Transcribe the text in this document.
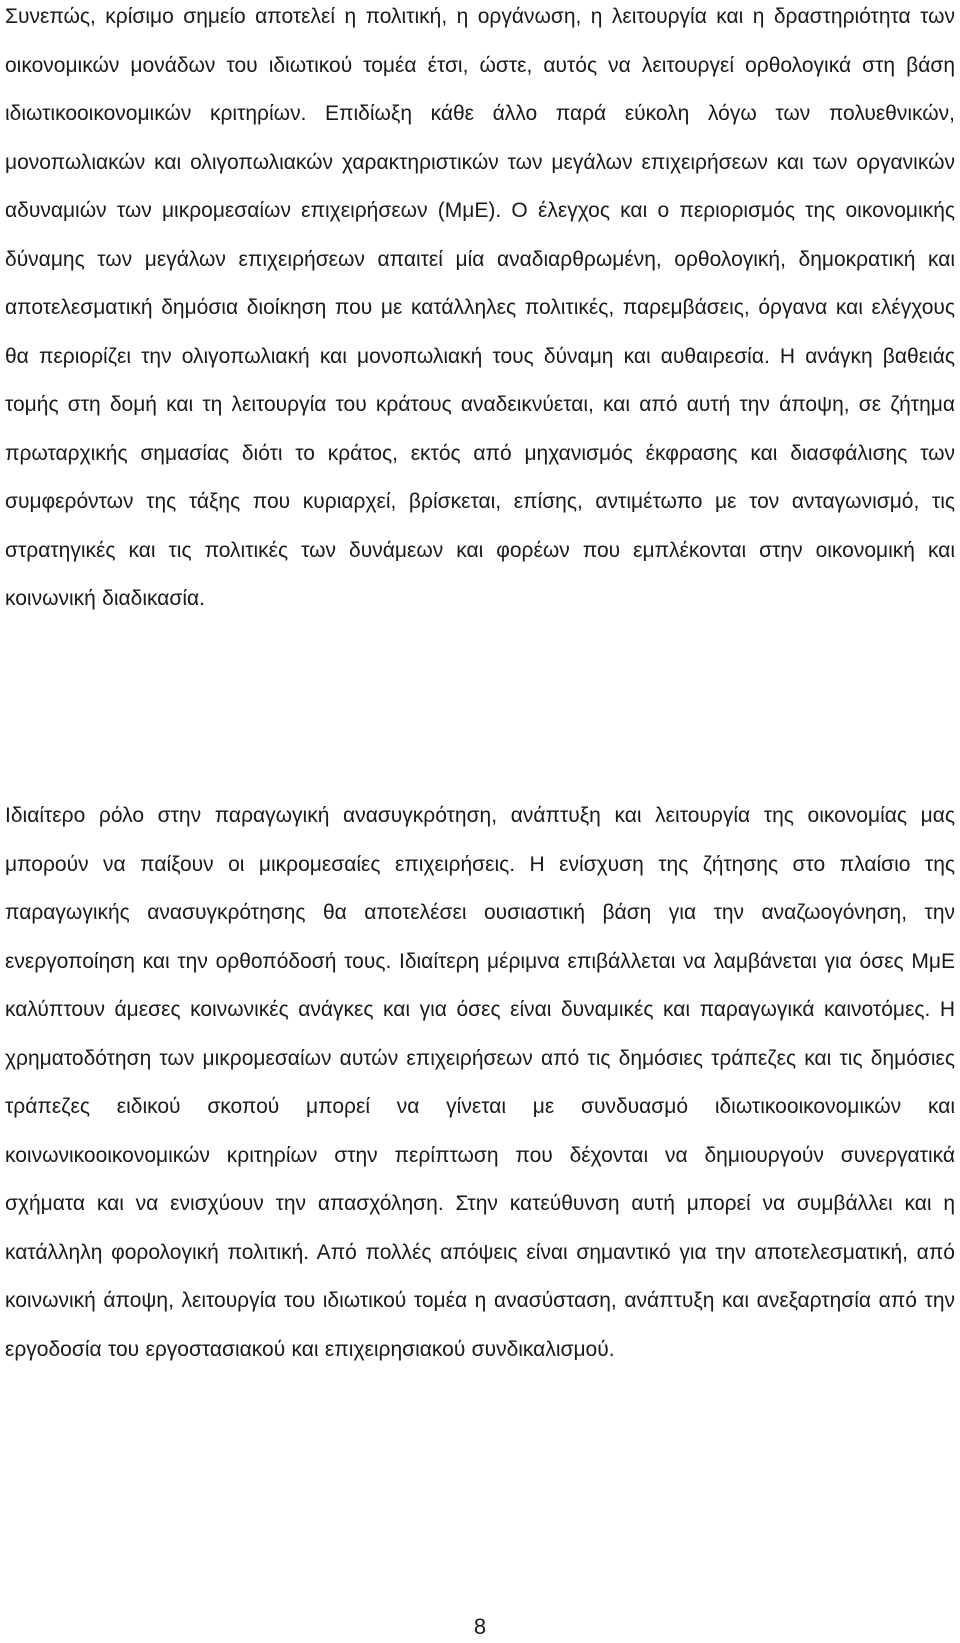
Συνεπώς, κρίσιμο σημείο αποτελεί η πολιτική, η οργάνωση, η λειτουργία και η δραστηριότητα των οικονομικών μονάδων του ιδιωτικού τομέα έτσι, ώστε, αυτός να λειτουργεί ορθολογικά στη βάση ιδιωτικοοικονομικών κριτηρίων. Επιδίωξη κάθε άλλο παρά εύκολη λόγω των πολυεθνικών, μονοπωλιακών και ολιγοπωλιακών χαρακτηριστικών των μεγάλων επιχειρήσεων και των οργανικών αδυναμιών των μικρομεσαίων επιχειρήσεων (ΜμΕ). Ο έλεγχος και ο περιορισμός της οικονομικής δύναμης των μεγάλων επιχειρήσεων απαιτεί μία αναδιαρθρωμένη, ορθολογική, δημοκρατική και αποτελεσματική δημόσια διοίκηση που με κατάλληλες πολιτικές, παρεμβάσεις, όργανα και ελέγχους θα περιορίζει την ολιγοπωλιακή και μονοπωλιακή τους δύναμη και αυθαιρεσία. Η ανάγκη βαθειάς τομής στη δομή και τη λειτουργία του κράτους αναδεικνύεται, και από αυτή την άποψη, σε ζήτημα πρωταρχικής σημασίας διότι το κράτος, εκτός από μηχανισμός έκφρασης και διασφάλισης των συμφερόντων της τάξης που κυριαρχεί, βρίσκεται, επίσης, αντιμέτωπο με τον ανταγωνισμό, τις στρατηγικές και τις πολιτικές των δυνάμεων και φορέων που εμπλέκονται στην οικονομική και κοινωνική διαδικασία.

Ιδιαίτερο ρόλο στην παραγωγική ανασυγκρότηση, ανάπτυξη και λειτουργία της οικονομίας μας μπορούν να παίξουν οι μικρομεσαίες επιχειρήσεις. Η ενίσχυση της ζήτησης στο πλαίσιο της παραγωγικής ανασυγκρότησης θα αποτελέσει ουσιαστική βάση για την αναζωογόνηση, την ενεργοποίηση και την ορθοπόδοσή τους. Ιδιαίτερη μέριμνα επιβάλλεται να λαμβάνεται για όσες ΜμΕ καλύπτουν άμεσες κοινωνικές ανάγκες και για όσες είναι δυναμικές και παραγωγικά καινοτόμες. Η χρηματοδότηση των μικρομεσαίων αυτών επιχειρήσεων από τις δημόσιες τράπεζες και τις δημόσιες τράπεζες ειδικού σκοπού μπορεί να γίνεται με συνδυασμό ιδιωτικοοικονομικών και κοινωνικοοικονομικών κριτηρίων στην περίπτωση που δέχονται να δημιουργούν συνεργατικά σχήματα και να ενισχύουν την απασχόληση. Στην κατεύθυνση αυτή μπορεί να συμβάλλει και η κατάλληλη φορολογική πολιτική. Από πολλές απόψεις είναι σημαντικό για την αποτελεσματική, από κοινωνική άποψη, λειτουργία του ιδιωτικού τομέα η ανασύσταση, ανάπτυξη και ανεξαρτησία από την εργοδοσία του εργοστασιακού και επιχειρησιακού συνδικαλισμού.

8
